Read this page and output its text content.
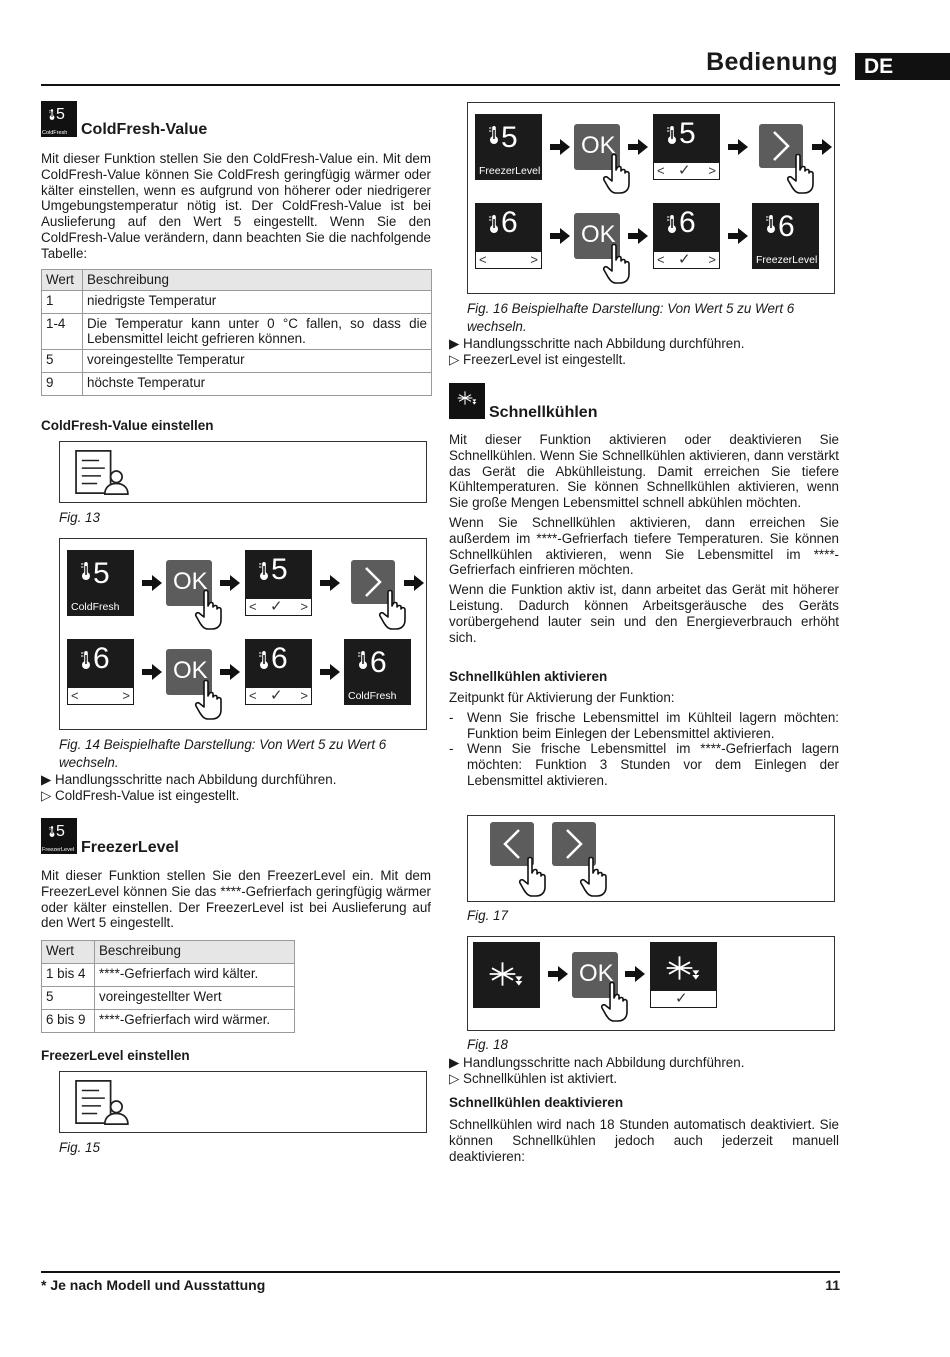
Bedienung	DE
5
ColdFresh ColdFresh-Value

Mit dieser Funktion stellen Sie den ColdFresh-Value ein. Mit dem ColdFresh-Value können Sie ColdFresh geringfügig wärmer oder kälter einstellen, wenn es aufgrund von höherer oder niedrigerer Umgebungstemperatur nötig ist. Der ColdFresh-Value ist bei Auslieferung auf den Wert 5 eingestellt. Wenn Sie den ColdFresh-Value verändern, dann beachten Sie die nachfolgende Tabelle:

Wert	Beschreibung
1	niedrigste Temperatur
1-4	Die Temperatur kann unter 0 °C fallen, so dass die Lebensmittel leicht gefrieren können.
5	voreingestellte Temperatur
9	höchste Temperatur
ColdFresh-Value einstellen
Fig. 13
5
ColdFresh
OK 5
< ✓ >
6
<	>
OK 6
< ✓ >
6
ColdFresh
Fig. 14 Beispielhafte Darstellung: Von Wert 5 zu Wert 6 wechseln.
▶ Handlungsschritte nach Abbildung durchführen.
▷ ColdFresh-Value ist eingestellt.
5
FreezerLevel FreezerLevel

Mit dieser Funktion stellen Sie den FreezerLevel ein. Mit dem FreezerLevel können Sie das ****-Gefrierfach geringfügig wärmer oder kälter einstellen. Der FreezerLevel ist bei Auslieferung auf den Wert 5 eingestellt.

Wert	Beschreibung
1 bis 4	****-Gefrierfach wird kälter.
5	voreingestellter Wert
6 bis 9	****-Gefrierfach wird wärmer.
FreezerLevel einstellen
Fig. 15
5
FreezerLevel
OK 5
< ✓ >
6
<	>
OK 6
< ✓ >
6
FreezerLevel
Fig. 16 Beispielhafte Darstellung: Von Wert 5 zu Wert 6 wechseln.
▶ Handlungsschritte nach Abbildung durchführen.
▷ FreezerLevel ist eingestellt.
Schnellkühlen

Mit dieser Funktion aktivieren oder deaktivieren Sie Schnellkühlen. Wenn Sie Schnellkühlen aktivieren, dann verstärkt das Gerät die Abkühlleistung. Damit erreichen Sie tiefere Kühltemperaturen. Sie können Schnellkühlen aktivieren, wenn Sie große Mengen Lebensmittel schnell abkühlen möchten.

Wenn Sie Schnellkühlen aktivieren, dann erreichen Sie außerdem im ****-Gefrierfach tiefere Temperaturen. Sie können Schnellkühlen aktivieren, wenn Sie Lebensmittel im ****-Gefrierfach einfrieren möchten.

Wenn die Funktion aktiv ist, dann arbeitet das Gerät mit höherer Leistung. Dadurch können Arbeitsgeräusche des Geräts vorübergehend lauter sein und den Energieverbrauch erhöht sich.

Schnellkühlen aktivieren
Zeitpunkt für Aktivierung der Funktion:
- Wenn Sie frische Lebensmittel im Kühlteil lagern möchten: Funktion beim Einlegen der Lebensmittel aktivieren.
- Wenn Sie frische Lebensmittel im ****-Gefrierfach lagern möchten: Funktion 3 Stunden vor dem Einlegen der Lebensmittel aktivieren.
Fig. 17
OK
✓
Fig. 18
▶ Handlungsschritte nach Abbildung durchführen.
▷ Schnellkühlen ist aktiviert.
Schnellkühlen deaktivieren

Schnellkühlen wird nach 18 Stunden automatisch deaktiviert. Sie können Schnellkühlen jedoch auch jederzeit manuell deaktivieren:

* Je nach Modell und Ausstattung	11
